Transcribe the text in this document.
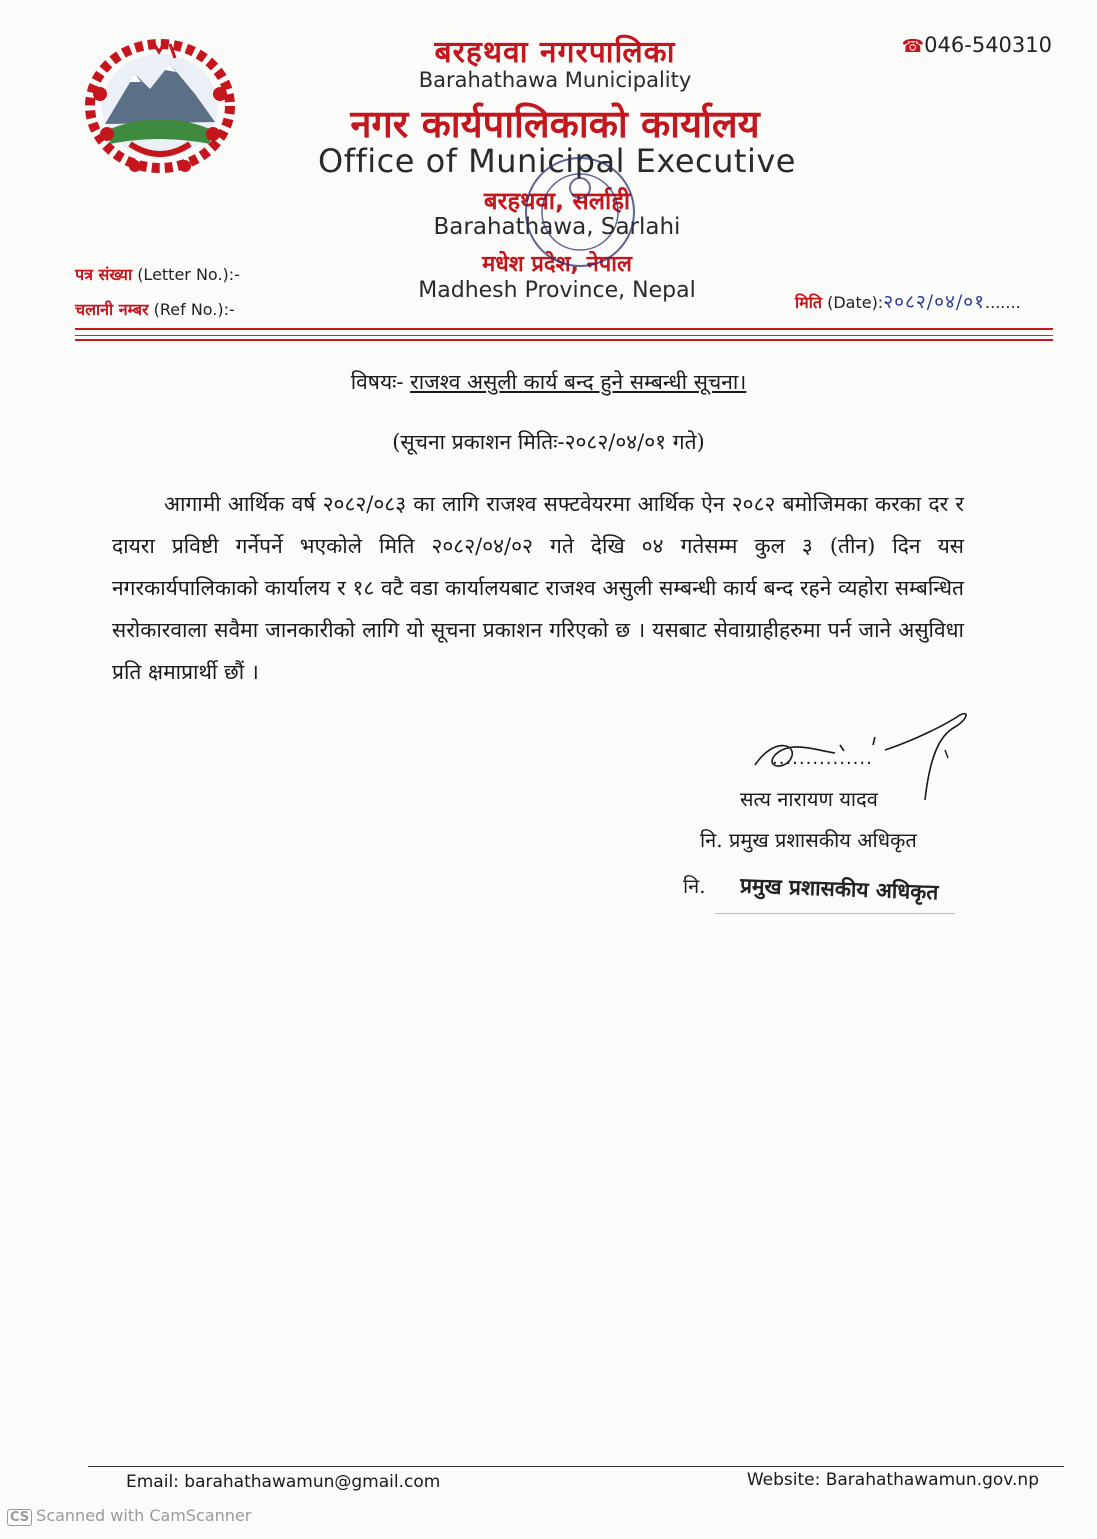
☎046-540310
बरहथवा नगरपालिका
Barahathawa Municipality
नगर कार्यपालिकाको कार्यालय
Office of Municipal Executive
बरहथवा, सर्लाही
Barahathawa, Sarlahi
मधेश प्रदेश, नेपाल
Madhesh Province, Nepal
पत्र संख्या (Letter No.):-
चलानी नम्बर (Ref No.):-	मिति (Date):२०८२/०४/०१.......
विषयः- राजश्व असुली कार्य बन्द हुने सम्बन्धी सूचना।
(सूचना प्रकाशन मितिः-२०८२/०४/०१ गते)
आगामी आर्थिक वर्ष २०८२/०८३ का लागि राजश्व सफ्टवेयरमा आर्थिक ऐन २०८२ बमोजिमका करका दर र दायरा प्रविष्टी गर्नेपर्ने भएकोले मिति २०८२/०४/०२ गते देखि ०४ गतेसम्म कुल ३ (तीन) दिन यस नगरकार्यपालिकाको कार्यालय र १८ वटै वडा कार्यालयबाट राजश्व असुली सम्बन्धी कार्य बन्द रहने व्यहोरा सम्बन्धित सरोकारवाला सवैमा जानकारीको लागि यो सूचना प्रकाशन गरिएको छ । यसबाट सेवाग्राहीहरुमा पर्न जाने असुविधा प्रति क्षमाप्रार्थी छौं ।
...............
सत्य नारायण यादव
नि. प्रमुख प्रशासकीय अधिकृत
नि. प्रमुख प्रशासकीय अधिकृत
Email: barahathawamun@gmail.com	Website: Barahathawamun.gov.np
CS Scanned with CamScanner
